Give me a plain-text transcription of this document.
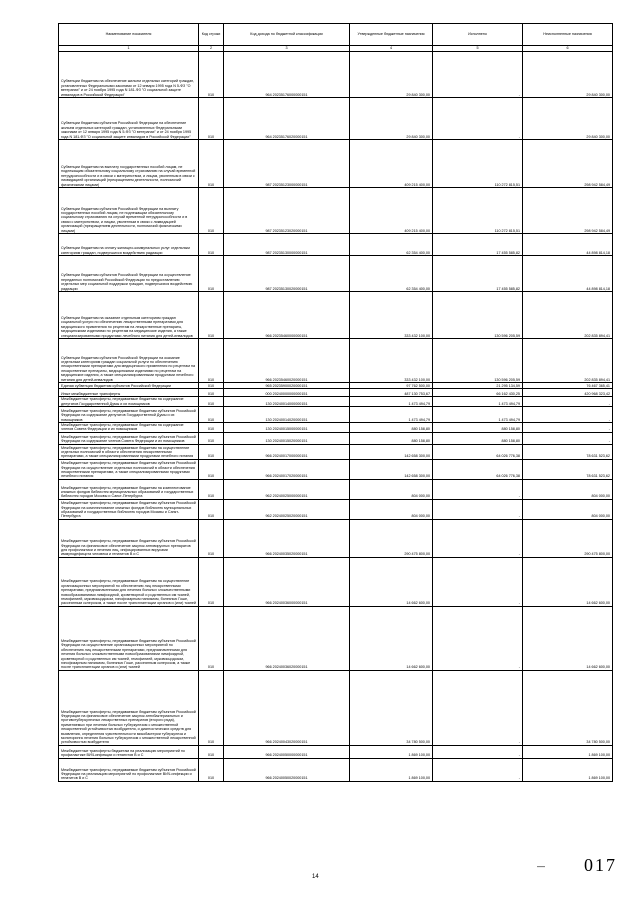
Наименование показателя	Код строки	Код дохода по бюджетной классификации	Утвержденные бюджетные назначения	Исполнено	Неисполненные назначения
1	2	3	4	5	6
Субвенции бюджетам на обеспечение жильем отдельных категорий граждан, установленных Федеральными законами от 12 января 1995 года N 5-ФЗ "О ветеранах" и от 24 ноября 1995 года N 181-ФЗ "О социальной защите инвалидов в Российской Федерации"	010	964 20235176000000151	29 840 300,00	-	29 840 300,00
Субвенции бюджетам субъектов Российской Федерации на обеспечение жильем отдельных категорий граждан, установленных Федеральными законами от 12 января 1995 года N 5-ФЗ "О ветеранах" и от 24 ноября 1995 года N 181-ФЗ "О социальной защите инвалидов в Российской Федерации"	010	964 20235176020000151	29 840 300,00	-	29 840 300,00
Субвенции бюджетам на выплату государственных пособий лицам, не подлежащим обязательному социальному страхованию на случай временной нетрудоспособности и в связи с материнством, и лицам, уволенным в связи с ликвидацией организаций (прекращением деятельности, полномочий физическими лицами)	010	987 20235123000000151	409 215 400,00	110 272 815,51	298 942 584,49
Субвенции бюджетам субъектов Российской Федерации на выплату государственных пособий лицам, не подлежащим обязательному социальному страхованию на случай временной нетрудоспособности и в связи с материнством, и лицам, уволенным в связи с ликвидацией организаций (прекращением деятельности, полномочий физическими лицами)	010	987 20235123020000151	409 215 400,00	110 272 815,51	298 942 584,49
Субвенции бюджетам на оплату жилищно-коммунальных услуг отдельным категориям граждан, подвергшихся воздействию радиации	010	987 20235130000000151	62 354 400,00	17 455 585,82	44 898 814,18
Субвенции бюджетам субъектов Российской Федерации на осуществление переданных полномочий Российской Федерации по предоставлению отдельных мер социальной поддержки граждан, подвергшихся воздействию радиации	010	987 20235130020000151	62 354 400,00	17 455 585,82	44 898 814,18
Субвенции бюджетам на оказание отдельным категориям граждан социальной услуги по обеспечению лекарственными препаратами для медицинского применения по рецептам на лекарственные препараты, медицинскими изделиями по рецептам на медицинские изделия, а также специализированными продуктами лечебного питания для детей-инвалидов	010	966 20235460000000151	333 432 100,00	130 596 205,59	202 835 894,41
Субвенции бюджетам субъектов Российской Федерации на оказание отдельным категориям граждан социальной услуги по обеспечению лекарственными препаратами для медицинского применения по рецептам на лекарственные препараты, медицинскими изделиями по рецептам на медицинские изделия, а также специализированными продуктами лечебного питания для детей-инвалидов	010	966 20235460020000151	333 432 100,00	130 596 205,59	202 835 894,41
Единая субвенция бюджетам субъектов Российской Федерации	010	965 20235900020000151	97 762 500,00	21 295 134,59	76 467 365,41
Иные межбюджетные трансферты	010	000 20240000000000151	487 130 753,67	66 162 430,25	420 968 323,42
Межбюджетные трансферты, передаваемые бюджетам на содержание депутатов Государственной Думы и их помощников	010	130 20240014000000151	1 473 494,79	1 473 494,79	-
Межбюджетные трансферты, передаваемые бюджетам субъектов Российской Федерации на содержание депутатов Государственной Думы и их помощников	010	130 20240014020000151	1 473 494,79	1 473 494,79	-
Межбюджетные трансферты, передаваемые бюджетам на содержание членов Совета Федерации и их помощников	010	130 20240015000000151	880 158,80	880 158,80	-
Межбюджетные трансферты, передаваемые бюджетам субъектов Российской Федерации на содержание членов Совета Федерации и их помощников	010	130 20240015020000151	880 158,80	880 158,80	-
Межбюджетные трансферты, передаваемые бюджетам на осуществление отдельных полномочий в области обеспечения лекарственными препаратами, а также специализированными продуктами лечебного питания	010	966 20240017000000151	142 658 300,00	64 026 776,38	78 631 523,62
Межбюджетные трансферты, передаваемые бюджетам субъектов Российской Федерации на осуществление отдельных полномочий в области обеспечения лекарственными препаратами, а также специализированными продуктами лечебного питания	010	966 20240017020000151	142 658 300,00	64 026 776,38	78 631 523,62
Межбюджетные трансферты, передаваемые бюджетам на комплектование книжных фондов библиотек муниципальных образований и государственных библиотек городов Москвы и Санкт-Петербурга	010	962 20240025000000151	804 000,00	-	804 000,00
Межбюджетные трансферты, передаваемые бюджетам субъектов Российской Федерации на комплектование книжных фондов библиотек муниципальных образований и государственных библиотек городов Москвы и Санкт-Петербурга	010	962 20240025020000151	804 000,00	-	804 000,00
Межбюджетные трансферты, передаваемые бюджетам субъектов Российской Федерации на финансовое обеспечение закупок антивирусных препаратов для профилактики и лечения лиц, инфицированных вирусами иммунодефицита человека и гепатитов B и C	010	966 20240035020000151	290 475 800,00	-	290 475 800,00
Межбюджетные трансферты, передаваемые бюджетам на осуществление организационных мероприятий по обеспечению лиц лекарственными препаратами, предназначенными для лечения больных злокачественными новообразованиями лимфоидной, кроветворной и родственных им тканей, гемофилией, муковисцидозом, гипофизарным нанизмом, болезнью Гоше, рассеянным склерозом, а также после трансплантации органов и (или) тканей	010	966 20240036000000151	14 662 600,00	-	14 662 600,00
Межбюджетные трансферты, передаваемые бюджетам субъектов Российской Федерации на осуществление организационных мероприятий по обеспечению лиц лекарственными препаратами, предназначенными для лечения больных злокачественными новообразованиями лимфоидной, кроветворной и родственных им тканей, гемофилией, муковисцидозом, гипофизарным нанизмом, болезнью Гоше, рассеянным склерозом, а также после трансплантации органов и (или) тканей	010	966 20240036020000151	14 662 600,00	-	14 662 600,00
Межбюджетные трансферты, передаваемые бюджетам субъектов Российской Федерации на финансовое обеспечение закупок антибактериальных и противотуберкулезных лекарственных препаратов (второго ряда), применяемых при лечении больных туберкулезом с множественной лекарственной устойчивостью возбудителя, и диагностических средств для выявления, определения чувствительности микобактерии туберкулеза и мониторинга лечения больных туберкулезом с множественной лекарственной устойчивостью возбудителя	010	966 20240043020000151	34 780 500,00	-	34 780 500,00
Межбюджетные трансферты бюджетам на реализацию мероприятий по профилактике ВИЧ-инфекции и гепатитов B и C	010	966 20240050000000151	1 869 100,00	-	1 869 100,00
Межбюджетные трансферты, передаваемые бюджетам субъектов Российской Федерации на реализацию мероприятий по профилактике ВИЧ-инфекции и гепатитов B и C	010	966 20240050020000151	1 869 100,00	-	1 869 100,00
— 017
14
